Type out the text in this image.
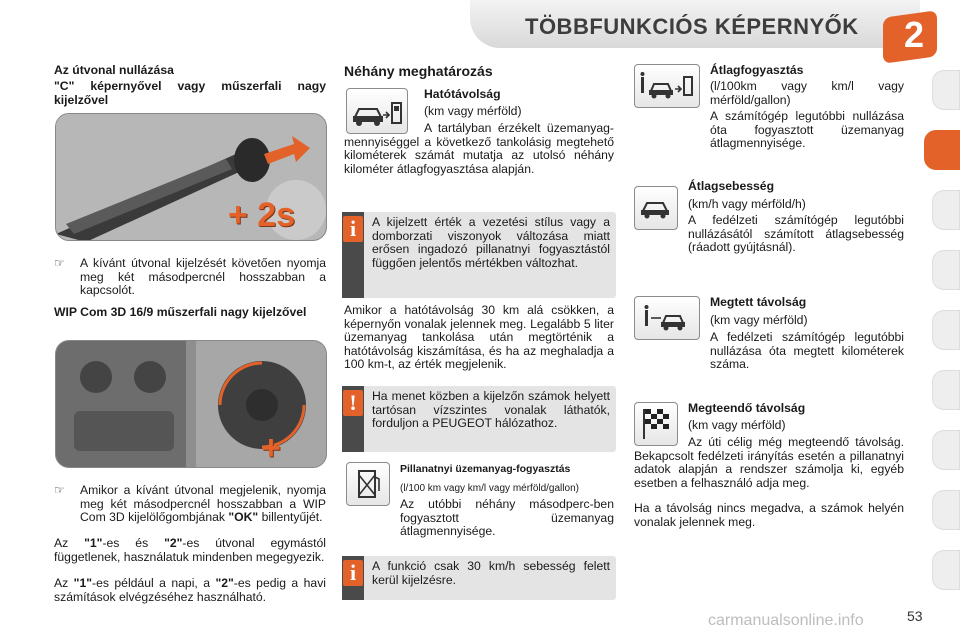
TÖBBFUNKCIÓS KÉPERNYŐK 2
Az útvonal nullázása
"C" képernyővel vagy műszerfali nagy kijelzővel
+ 2s
☞	A kívánt útvonal kijelzését követően nyomja meg két másodpercnél hosszabban a kapcsolót.
WIP Com 3D 16/9 műszerfali nagy kijelzővel
+
☞	Amikor a kívánt útvonal megjelenik, nyomja meg két másodpercnél hosszabban a WIP Com 3D kijelölőgombjának "OK" billentyűjét.
Az "1"-es és "2"-es útvonal egymástól függetlenek, használatuk mindenben megegyezik.
Az "1"-es például a napi, a "2"-es pedig a havi számítások elvégzéséhez használható.
Néhány meghatározás
Hatótávolság
(km vagy mérföld)
A tartályban érzékelt üzemanyag-mennyiséggel a következő tankolásig megtehető kilométerek számát mutatja az utolsó néhány kilométer átlagfogyasztása alapján.
i	A kijelzett érték a vezetési stílus vagy a domborzati viszonyok változása miatt erősen ingadozó pillanatnyi fogyasztástól függően jelentős mértékben változhat.
Amikor a hatótávolság 30 km alá csökken, a képernyőn vonalak jelennek meg. Legalább 5 liter üzemanyag tankolása után megtörténik a hatótávolság kiszámítása, és ha az meghaladja a 100 km-t, az érték megjelenik.
!	Ha menet közben a kijelzőn számok helyett tartósan vízszintes vonalak láthatók, forduljon a PEUGEOT hálózathoz.
Pillanatnyi üzemanyag-fogyasztás
(l/100 km vagy km/l vagy mérföld/gallon)
Az utóbbi néhány másodperc-ben fogyasztott üzemanyag átlagmennyisége.
i	A funkció csak 30 km/h sebesség felett kerül kijelzésre.
Átlagfogyasztás
(l/100km vagy km/l vagy mérföld/gallon)
A számítógép legutóbbi nullázása óta fogyasztott üzemanyag átlagmennyisége.
Átlagsebesség
(km/h vagy mérföld/h)
A fedélzeti számítógép legutóbbi nullázásától számított átlagsebesség (ráadott gyújtásnál).
Megtett távolság
(km vagy mérföld)
A fedélzeti számítógép legutóbbi nullázása óta megtett kilométerek száma.
Megteendő távolság
(km vagy mérföld)
Az úti célig még megteendő távolság. Bekapcsolt fedélzeti irányítás esetén a pillanatnyi adatok alapján a rendszer számolja ki, egyéb esetben a felhasználó adja meg.
Ha a távolság nincs megadva, a számok helyén vonalak jelennek meg.
carmanualsonline.info	53
